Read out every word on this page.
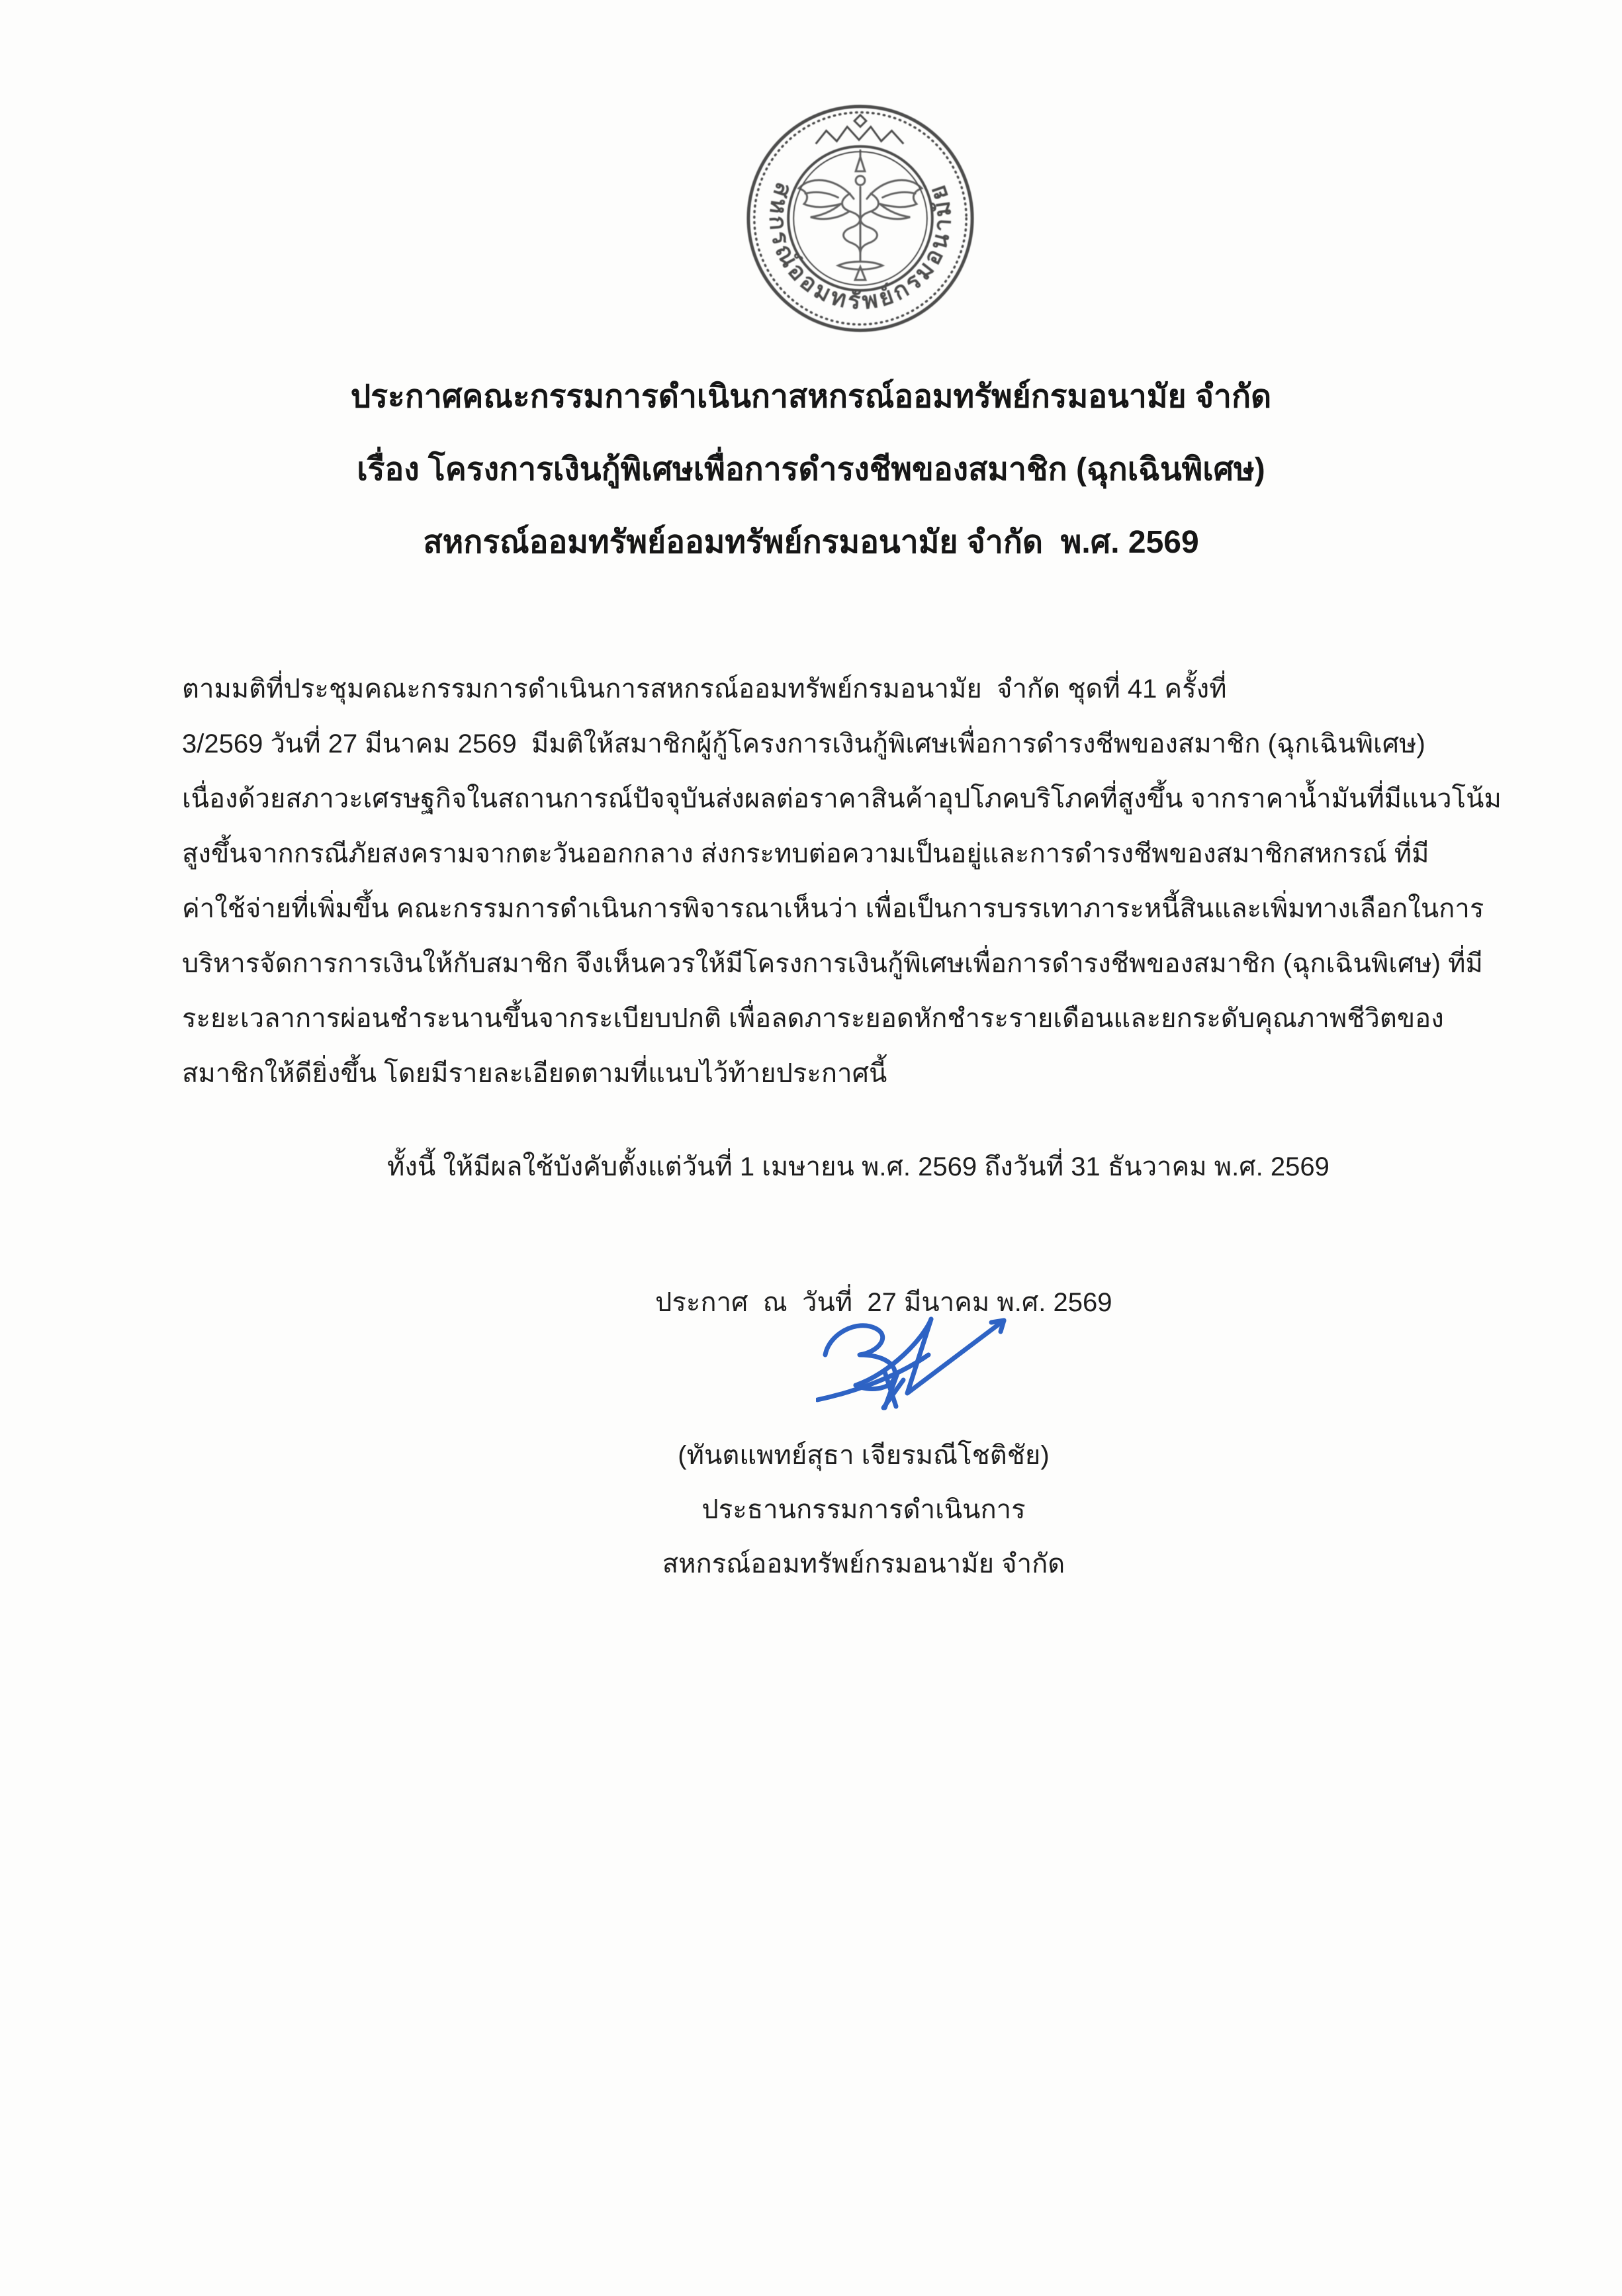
สหกรณ์ออมทรัพย์กรมอนามัย
ประกาศคณะกรรมการดำเนินกาสหกรณ์ออมทรัพย์กรมอนามัย จำกัด
เรื่อง โครงการเงินกู้พิเศษเพื่อการดำรงชีพของสมาชิก (ฉุกเฉินพิเศษ)
สหกรณ์ออมทรัพย์ออมทรัพย์กรมอนามัย จำกัด  พ.ศ. 2569
ตามมติที่ประชุมคณะกรรมการดำเนินการสหกรณ์ออมทรัพย์กรมอนามัย  จำกัด ชุดที่ 41 ครั้งที่
3/2569 วันที่ 27 มีนาคม 2569  มีมติให้สมาชิกผู้กู้โครงการเงินกู้พิเศษเพื่อการดำรงชีพของสมาชิก (ฉุกเฉินพิเศษ)
เนื่องด้วยสภาวะเศรษฐกิจในสถานการณ์ปัจจุบันส่งผลต่อราคาสินค้าอุปโภคบริโภคที่สูงขึ้น จากราคาน้ำมันที่มีแนวโน้ม
สูงขึ้นจากกรณีภัยสงครามจากตะวันออกกลาง ส่งกระทบต่อความเป็นอยู่และการดำรงชีพของสมาชิกสหกรณ์ ที่มี
ค่าใช้จ่ายที่เพิ่มขึ้น คณะกรรมการดำเนินการพิจารณาเห็นว่า เพื่อเป็นการบรรเทาภาระหนี้สินและเพิ่มทางเลือกในการ
บริหารจัดการการเงินให้กับสมาชิก จึงเห็นควรให้มีโครงการเงินกู้พิเศษเพื่อการดำรงชีพของสมาชิก (ฉุกเฉินพิเศษ) ที่มี
ระยะเวลาการผ่อนชำระนานขึ้นจากระเบียบปกติ เพื่อลดภาระยอดหักชำระรายเดือนและยกระดับคุณภาพชีวิตของ
สมาชิกให้ดียิ่งขึ้น โดยมีรายละเอียดตามที่แนบไว้ท้ายประกาศนี้
ทั้งนี้ ให้มีผลใช้บังคับตั้งแต่วันที่ 1 เมษายน พ.ศ. 2569 ถึงวันที่ 31 ธันวาคม พ.ศ. 2569
ประกาศ  ณ  วันที่  27 มีนาคม พ.ศ. 2569
(ทันตแพทย์สุธา เจียรมณีโชติชัย)
ประธานกรรมการดำเนินการ
สหกรณ์ออมทรัพย์กรมอนามัย จำกัด
